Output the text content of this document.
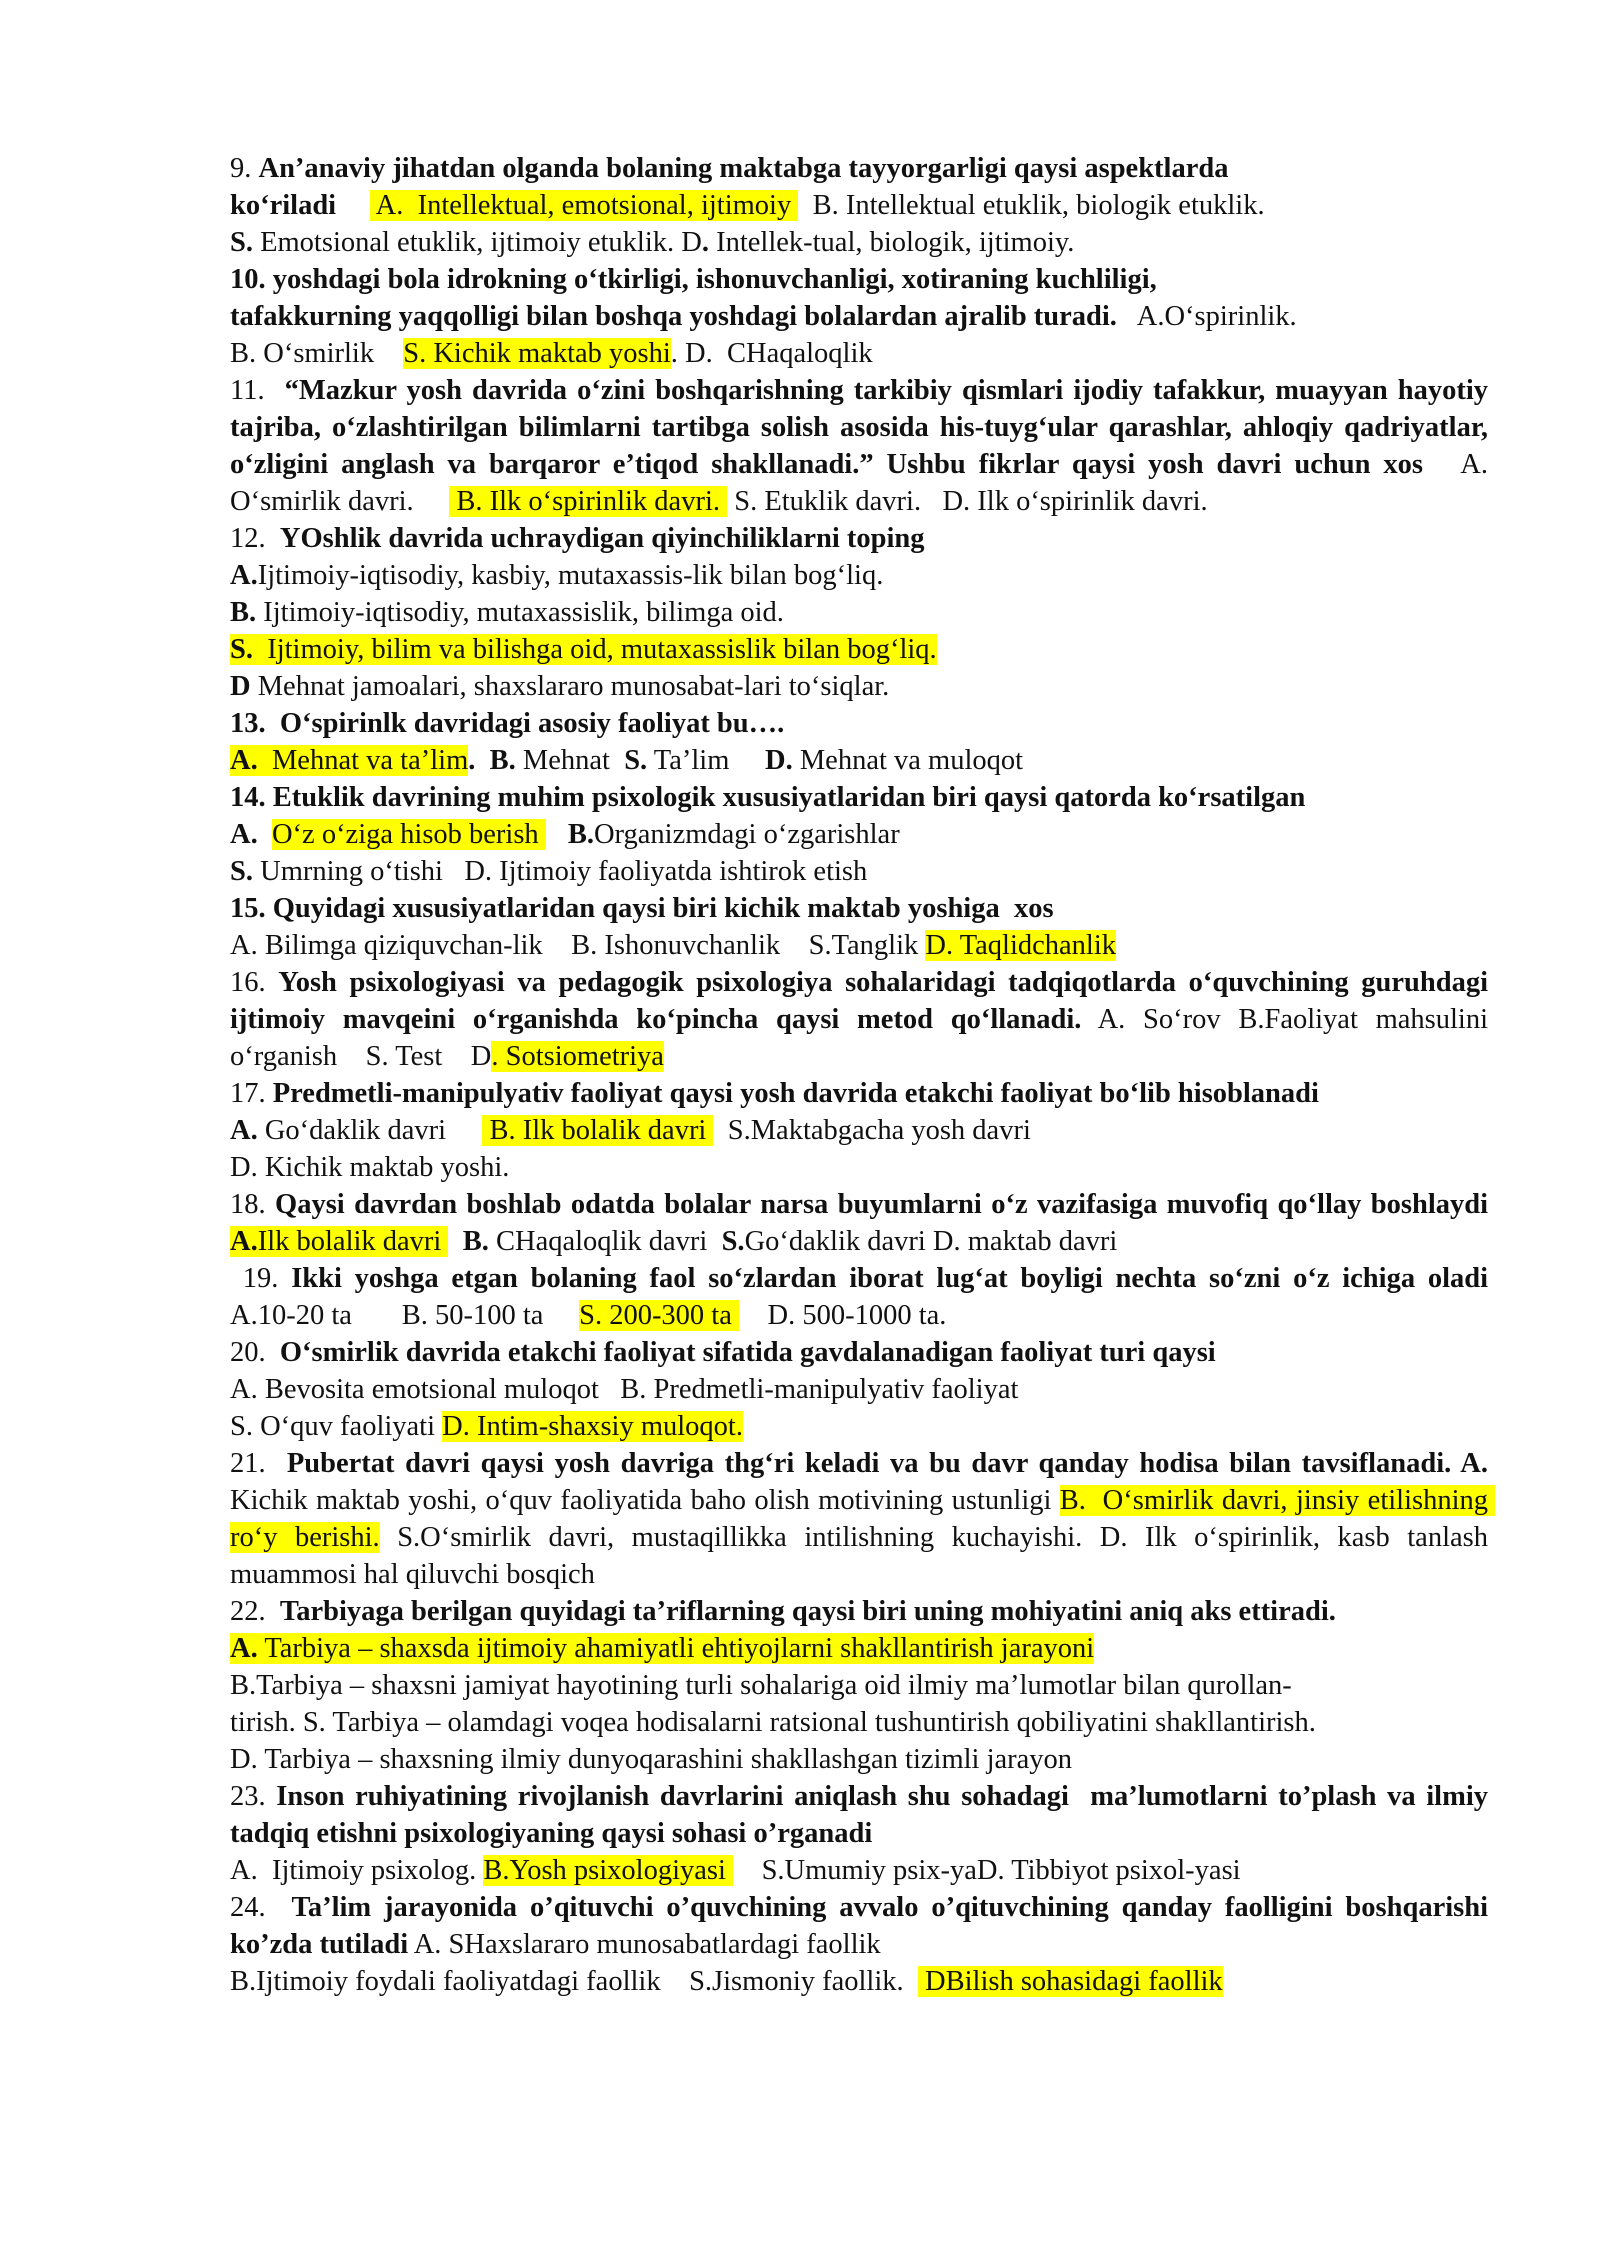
9. An’anaviy jihatdan olganda bolaning maktabga tayyorgarligi qaysi aspektlarda
ko‘riladi A.  Intellektual, emotsional, ijtimoiy   B. Intellektual etuklik, biologik etuklik.
S. Emotsional etuklik, ijtimoiy etuklik. D. Intellek-tual, biologik, ijtimoiy.
10. yoshdagi bola idrokning o‘tkirligi, ishonuvchanligi, xotiraning kuchliligi,
tafakkurning yaqqolligi bilan boshqa yoshdagi bolalardan ajralib turadi.   A.O‘spirinlik.
B. O‘smirlik S. Kichik maktab yoshi. D.  CHaqaloqlik
11.  “Mazkur yosh davrida o‘zini boshqarishning tarkibiy qismlari ijodiy tafakkur, muayyan hayotiy tajriba, o‘zlashtirilgan bilimlarni tartibga solish asosida his-tuyg‘ular qarashlar, ahloqiy qadriyatlar, o‘zligini anglash va barqaror e’tiqod shakllanadi.” Ushbu fikrlar qaysi yosh davri uchun xos   A.  O‘smirlik davri.      B. Ilk o‘spirinlik davri.  S. Etuklik davri.   D. Ilk o‘spirinlik davri.
12.  YOshlik davrida uchraydigan qiyinchiliklarni toping
A.Ijtimoiy-iqtisodiy, kasbiy, mutaxassis-lik bilan bog‘liq.
B. Ijtimoiy-iqtisodiy, mutaxassislik, bilimga oid.
S.  Ijtimoiy, bilim va bilishga oid, mutaxassislik bilan bog‘liq.
D Mehnat jamoalari, shaxslararo munosabat-lari to‘siqlar.
13.  O‘spirinlk davridagi asosiy faoliyat bu….
A.  Mehnat va ta’lim. B. Mehnat  S. Ta’lim     D. Mehnat va muloqot
14. Etuklik davrining muhim psixologik xususiyatlaridan biri qaysi qatorda ko‘rsatilgan
A. O‘z o‘ziga hisob berish B.Organizmdagi o‘zgarishlar
S. Umrning o‘tishi   D. Ijtimoiy faoliyatda ishtirok etish
15. Quyidagi xususiyatlaridan qaysi biri kichik maktab yoshiga  xos
A. Bilimga qiziquvchan-lik    B. Ishonuvchanlik    S.Tanglik D. Taqlidchanlik
16. Yosh psixologiyasi va pedagogik psixologiya sohalaridagi tadqiqotlarda o‘quvchining guruhdagi ijtimoiy mavqeini o‘rganishda ko‘pincha qaysi metod qo‘llanadi. A. So‘rov B.Faoliyat mahsulini o‘rganish    S. Test    D. Sotsiometriya
17. Predmetli-manipulyativ faoliyat qaysi yosh davrida etakchi faoliyat bo‘lib hisoblanadi
A. Go‘daklik davri   B. Ilk bolalik davri   S.Maktabgacha yosh davri
D. Kichik maktab yoshi.
18. Qaysi davrdan boshlab odatda bolalar narsa buyumlarni o‘z vazifasiga muvofiq qo‘llay boshlaydi   A.Ilk bolalik davri   B. CHaqaloqlik davri  S.Go‘daklik davri D. maktab davri
19. Ikki yoshga etgan bolaning faol so‘zlardan iborat lug‘at boyligi nechta so‘zni o‘z ichiga oladi     A.10-20 ta       B. 50-100 ta     S. 200-300 ta     D. 500-1000 ta.
20.  O‘smirlik davrida etakchi faoliyat sifatida gavdalanadigan faoliyat turi qaysi
A. Bevosita emotsional muloqot   B. Predmetli-manipulyativ faoliyat
S. O‘quv faoliyati D. Intim-shaxsiy muloqot.
21.  Pubertat davri qaysi yosh davriga thg‘ri keladi va bu davr qanday hodisa bilan tavsiflanadi. A. Kichik maktab yoshi, o‘quv faoliyatida baho olish motivining ustunligi B.  O‘smirlik davri, jinsiy etilishning ro‘y berishi. S.O‘smirlik davri, mustaqillikka intilishning kuchayishi. D. Ilk o‘spirinlik, kasb tanlash muammosi hal qiluvchi bosqich
22.  Tarbiyaga berilgan quyidagi ta’riflarning qaysi biri uning mohiyatini aniq aks ettiradi.
A. Tarbiya – shaxsda ijtimoiy ahamiyatli ehtiyojlarni shakllantirish jarayoni
B.Tarbiya – shaxsni jamiyat hayotining turli sohalariga oid ilmiy ma’lumotlar bilan qurollan-
tirish. S. Tarbiya – olamdagi voqea hodisalarni ratsional tushuntirish qobiliyatini shakllantirish.
D. Tarbiya – shaxsning ilmiy dunyoqarashini shakllashgan tizimli jarayon
23. Inson ruhiyatining rivojlanish davrlarini aniqlash shu sohadagi  ma’lumotlarni to’plash va ilmiy tadqiq etishni psixologiyaning qaysi sohasi o’rganadi
A.  Ijtimoiy psixolog. B.Yosh psixologiyasi     S.Umumiy psix-yaD. Tibbiyot psixol-yasi
24.  Ta’lim jarayonida o’qituvchi o’quvchining avvalo o’qituvchining qanday faolligini boshqarishi ko’zda tutiladi A. SHaxslararo munosabatlardagi faollik
B.Ijtimoiy foydali faoliyatdagi faollik    S.Jismoniy faollik.   DBilish sohasidagi faollik
